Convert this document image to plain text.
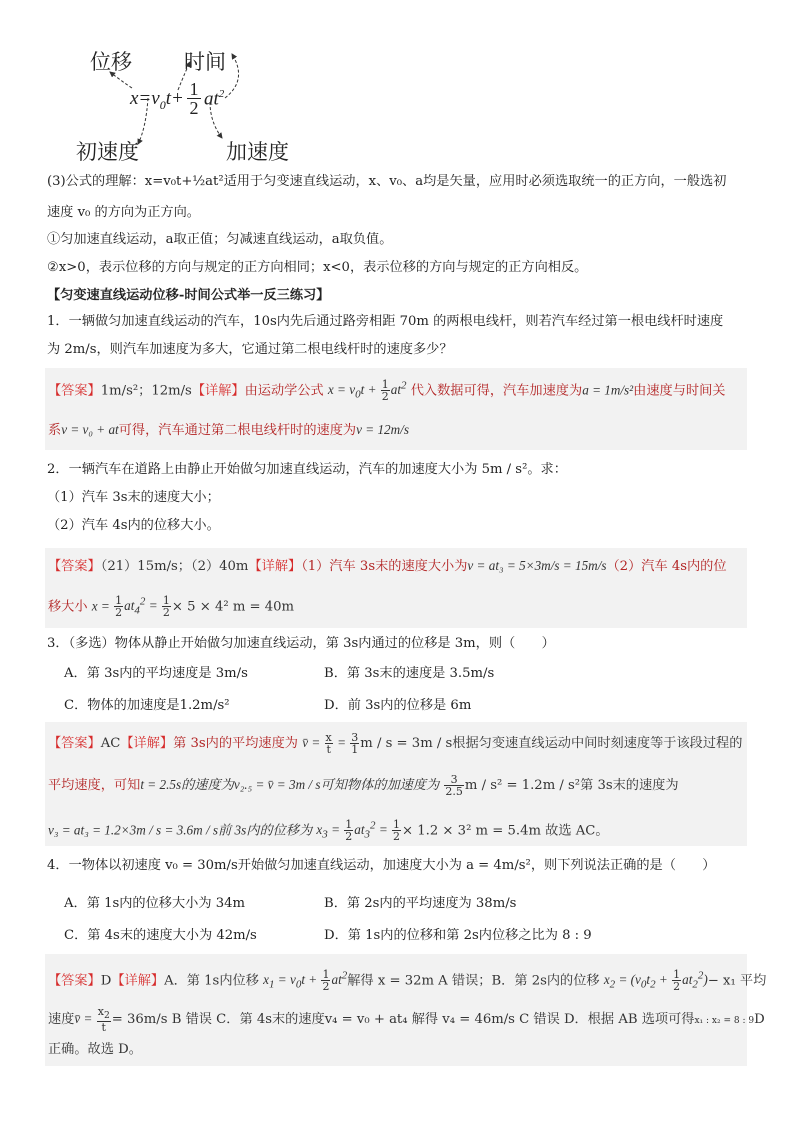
位移 时间
初速度	加速度
$x=v_0t+ 1$
2 $at^2$
(3)公式的理解：x=v₀t+½at²适用于匀变速直线运动，x、v₀、a均是矢量，应用时必须选取统一的正方向，一般选初
速度 v₀ 的方向为正方向。
①匀加速直线运动，a取正值；匀减速直线运动，a取负值。
②x>0，表示位移的方向与规定的正方向相同；x<0，表示位移的方向与规定的正方向相反。
【匀变速直线运动位移-时间公式举一反三练习】
1．一辆做匀加速直线运动的汽车，10s内先后通过路旁相距 70m 的两根电线杆，则若汽车经过第一根电线杆时速度
为 2m/s，则汽车加速度为多大，它通过第二根电线杆时的速度多少？
【答案】1m/s²；12m/s【详解】由运动学公式 $x = v_0t + \frac{1}{2} at^2$ 代入数据可得，汽车加速度为a = 1m/s²由速度与时间关
系v = v₀ + at可得，汽车通过第二根电线杆时的速度为v = 12m/s
2．一辆汽车在道路上由静止开始做匀加速直线运动，汽车的加速度大小为 5m / s²。求：
（1）汽车 3s末的速度大小；
（2）汽车 4s内的位移大小。
【答案】（21）15m/s；（2）40m【详解】（1）汽车 3s末的速度大小为v = at₃ = 5×3m/s = 15m/s（2）汽车 4s内的位
移大小 $x = \frac{1}{2} at_4^2 = \frac{1}{2} \times 5 \times 4^2$ m = 40m
3．（多选）物体从静止开始做匀加速直线运动，第 3s内通过的位移是 3m，则（　　）
A．第 3s内的平均速度是 3m/s	B．第 3s末的速度是 3.5m/s
C．物体的加速度是1.2m/s²	D．前 3s内的位移是 6m
【答案】AC【详解】第 3s内的平均速度为 v̄ = $\frac{x}{t} = \frac{3}{1}$ m / s = 3m / s根据匀变速直线运动中间时刻速度等于该段过程的
平均速度，可知t = 2.5s的速度为v₂.₅ = v̄ = 3m / s可知物体的加速度为 $\frac{3}{2.5}$ m / s² = 1.2m / s²第 3s末的速度为
v₃ = at₃ = 1.2×3m / s = 3.6m / s前 3s内的位移为 $x_3 = \frac{1}{2} at_3^2 = \frac{1}{2} \times 1.2 \times 3^2$ m = 5.4m 故选 AC。
4．一物体以初速度 v₀ = 30m/s开始做匀加速直线运动，加速度大小为 a = 4m/s²，则下列说法正确的是（　　）
A．第 1s内的位移大小为 34m	B．第 2s内的平均速度为 38m/s
C．第 4s末的速度大小为 42m/s	D．第 1s内的位移和第 2s内位移之比为 8 : 9
【答案】D【详解】A．第 1s内位移 $x_1 = v_0t + \frac{1}{2} at^2$解得 x = 32m A 错误；B．第 2s内的位移 $x_2 = (v_0t_2 + \frac{1}{2} at_2^2)- x_1$ 平均
速度v̄ = $\frac{x_2}{t} = 36m/s$ B 错误 C．第 4s末的速度v₄ = v₀ + at₄ 解得 v₄ = 46m/s C 错误 D．根据 AB 选项可得x₁ : x₂ = 8 : 9D
正确。故选 D。
